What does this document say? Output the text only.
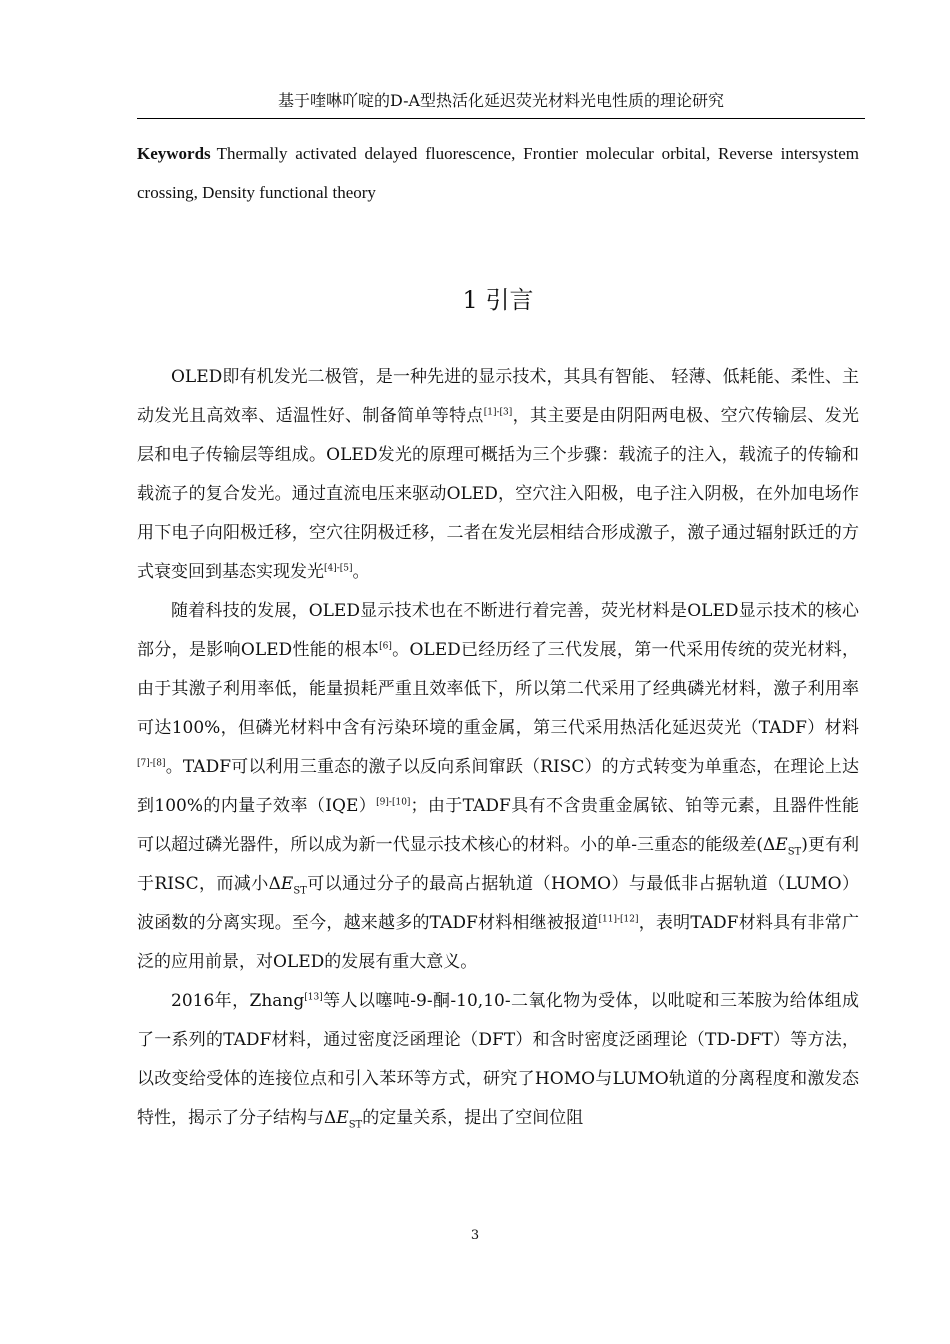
基于喹啉吖啶的D-A型热活化延迟荧光材料光电性质的理论研究
Keywords Thermally activated delayed fluorescence, Frontier molecular orbital, Reverse intersystem crossing, Density functional theory
1 引言

OLED即有机发光二极管，是一种先进的显示技术，其具有智能、 轻薄、低耗能、柔性、主动发光且高效率、适温性好、制备简单等特点[1]-[3]，其主要是由阴阳两电极、空穴传输层、发光层和电子传输层等组成。OLED发光的原理可概括为三个步骤：载流子的注入，载流子的传输和载流子的复合发光。通过直流电压来驱动OLED，空穴注入阳极，电子注入阴极，在外加电场作用下电子向阳极迁移，空穴往阴极迁移，二者在发光层相结合形成激子，激子通过辐射跃迁的方式衰变回到基态实现发光[4]-[5]。

随着科技的发展，OLED显示技术也在不断进行着完善，荧光材料是OLED显示技术的核心部分，是影响OLED性能的根本[6]。OLED已经历经了三代发展，第一代采用传统的荧光材料，由于其激子利用率低，能量损耗严重且效率低下，所以第二代采用了经典磷光材料，激子利用率可达100%，但磷光材料中含有污染环境的重金属，第三代采用热活化延迟荧光（TADF）材料[7]-[8]。TADF可以利用三重态的激子以反向系间窜跃（RISC）的方式转变为单重态，在理论上达到100%的内量子效率（IQE）[9]-[10]；由于TADF具有不含贵重金属铱、铂等元素，且器件性能可以超过磷光器件，所以成为新一代显示技术核心的材料。小的单-三重态的能级差$(\Delta E_{ST})$更有利于RISC，而减小$\Delta E_{ST}$可以通过分子的最高占据轨道（HOMO）与最低非占据轨道（LUMO）波函数的分离实现。至今，越来越多的TADF材料相继被报道[11]-[12]，表明TADF材料具有非常广泛的应用前景，对OLED的发展有重大意义。

2016年，Zhang[13]等人以噻吨-9-酮-10,10-二氧化物为受体，以吡啶和三苯胺为给体组成了一系列的TADF材料，通过密度泛函理论（DFT）和含时密度泛函理论（TD-DFT）等方法，以改变给受体的连接位点和引入苯环等方式，研究了HOMO与LUMO轨道的分离程度和激发态特性，揭示了分子结构与$\Delta E_{ST}$的定量关系，提出了空间位阻

3
